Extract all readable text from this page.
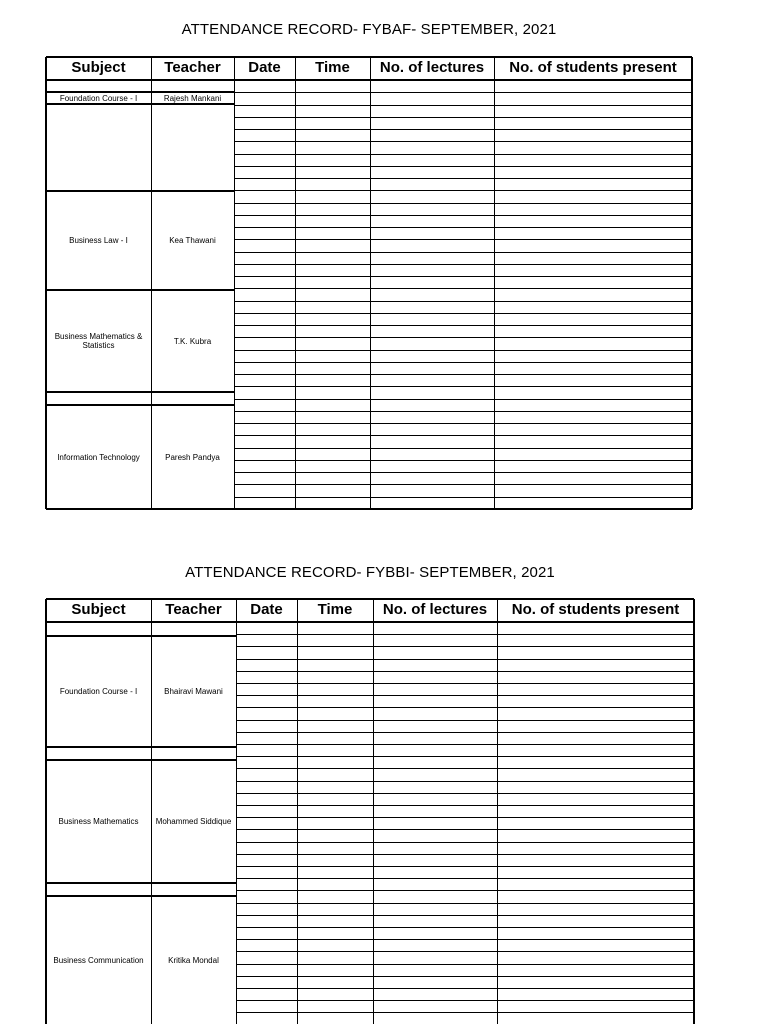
ATTENDANCE RECORD- FYBAF- SEPTEMBER, 2021
Subject	Teacher	Date	Time	No. of lectures	No. of students present
Foundation Course - I	Rajesh Mankani
Business Law - I	Kea Thawani
Business Mathematics & Statistics	T.K. Kubra
Information Technology	Paresh Pandya
ATTENDANCE RECORD- FYBBI- SEPTEMBER, 2021
Subject	Teacher	Date	Time	No. of lectures	No. of students present
Foundation Course - I	Bhairavi Mawani
Business Mathematics	Mohammed Siddique
Business Communication	Kritika Mondal
